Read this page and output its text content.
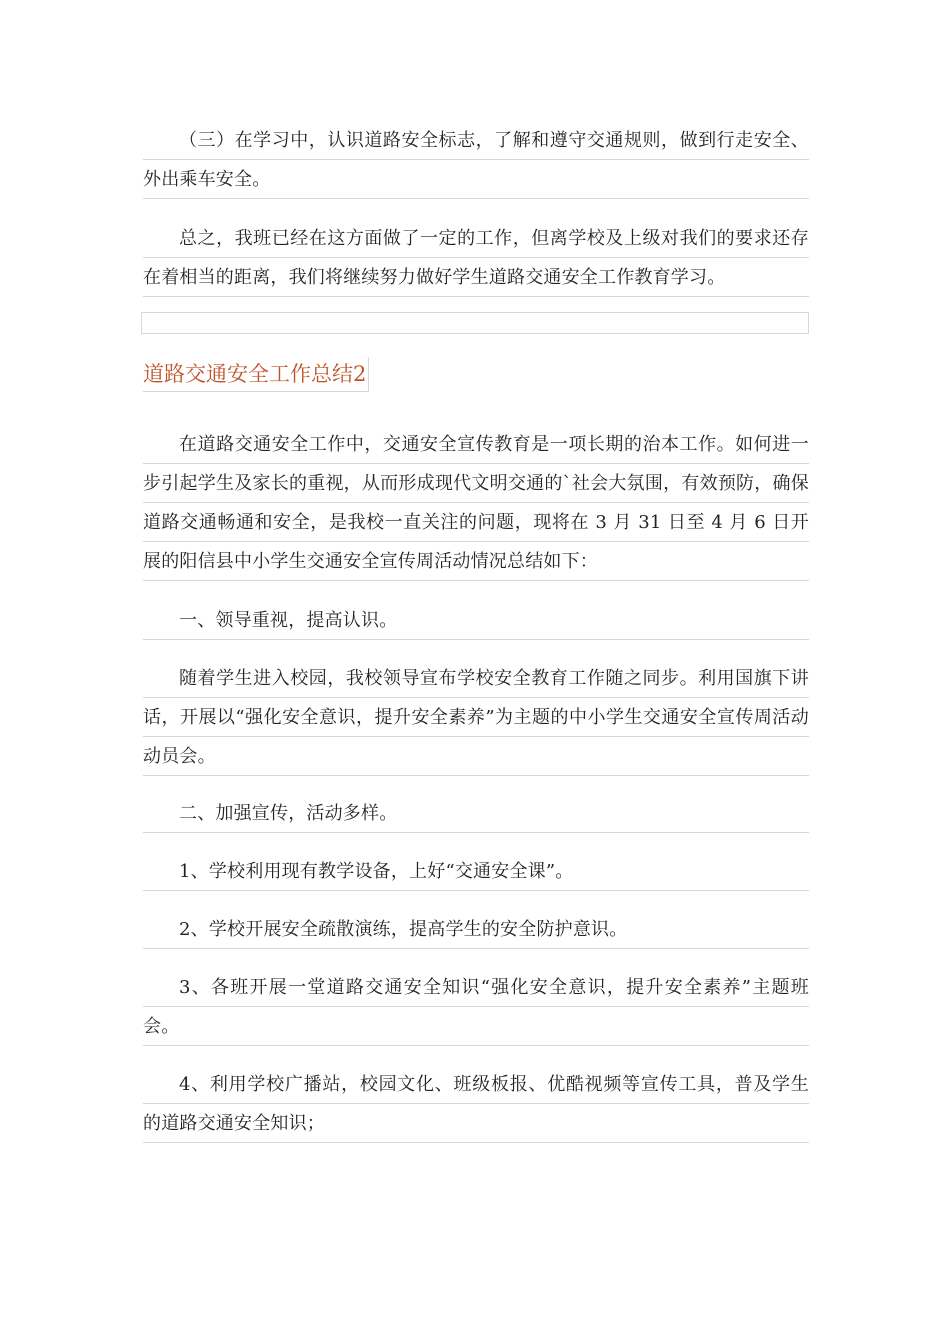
（三）在学习中，认识道路安全标志，了解和遵守交通规则，做到行走安全、外出乘车安全。

总之，我班已经在这方面做了一定的工作，但离学校及上级对我们的要求还存在着相当的距离，我们将继续努力做好学生道路交通安全工作教育学习。

道路交通安全工作总结2

在道路交通安全工作中，交通安全宣传教育是一项长期的治本工作。如何进一步引起学生及家长的重视，从而形成现代文明交通的`社会大氛围，有效预防，确保道路交通畅通和安全，是我校一直关注的问题，现将在 3 月 31 日至 4 月 6 日开展的阳信县中小学生交通安全宣传周活动情况总结如下：

一、领导重视，提高认识。

随着学生进入校园，我校领导宣布学校安全教育工作随之同步。利用国旗下讲话，开展以“强化安全意识，提升安全素养”为主题的中小学生交通安全宣传周活动动员会。

二、加强宣传，活动多样。

1、学校利用现有教学设备，上好“交通安全课”。

2、学校开展安全疏散演练，提高学生的安全防护意识。

3、各班开展一堂道路交通安全知识“强化安全意识，提升安全素养”主题班会。

4、利用学校广播站，校园文化、班级板报、优酷视频等宣传工具，普及学生的道路交通安全知识；
